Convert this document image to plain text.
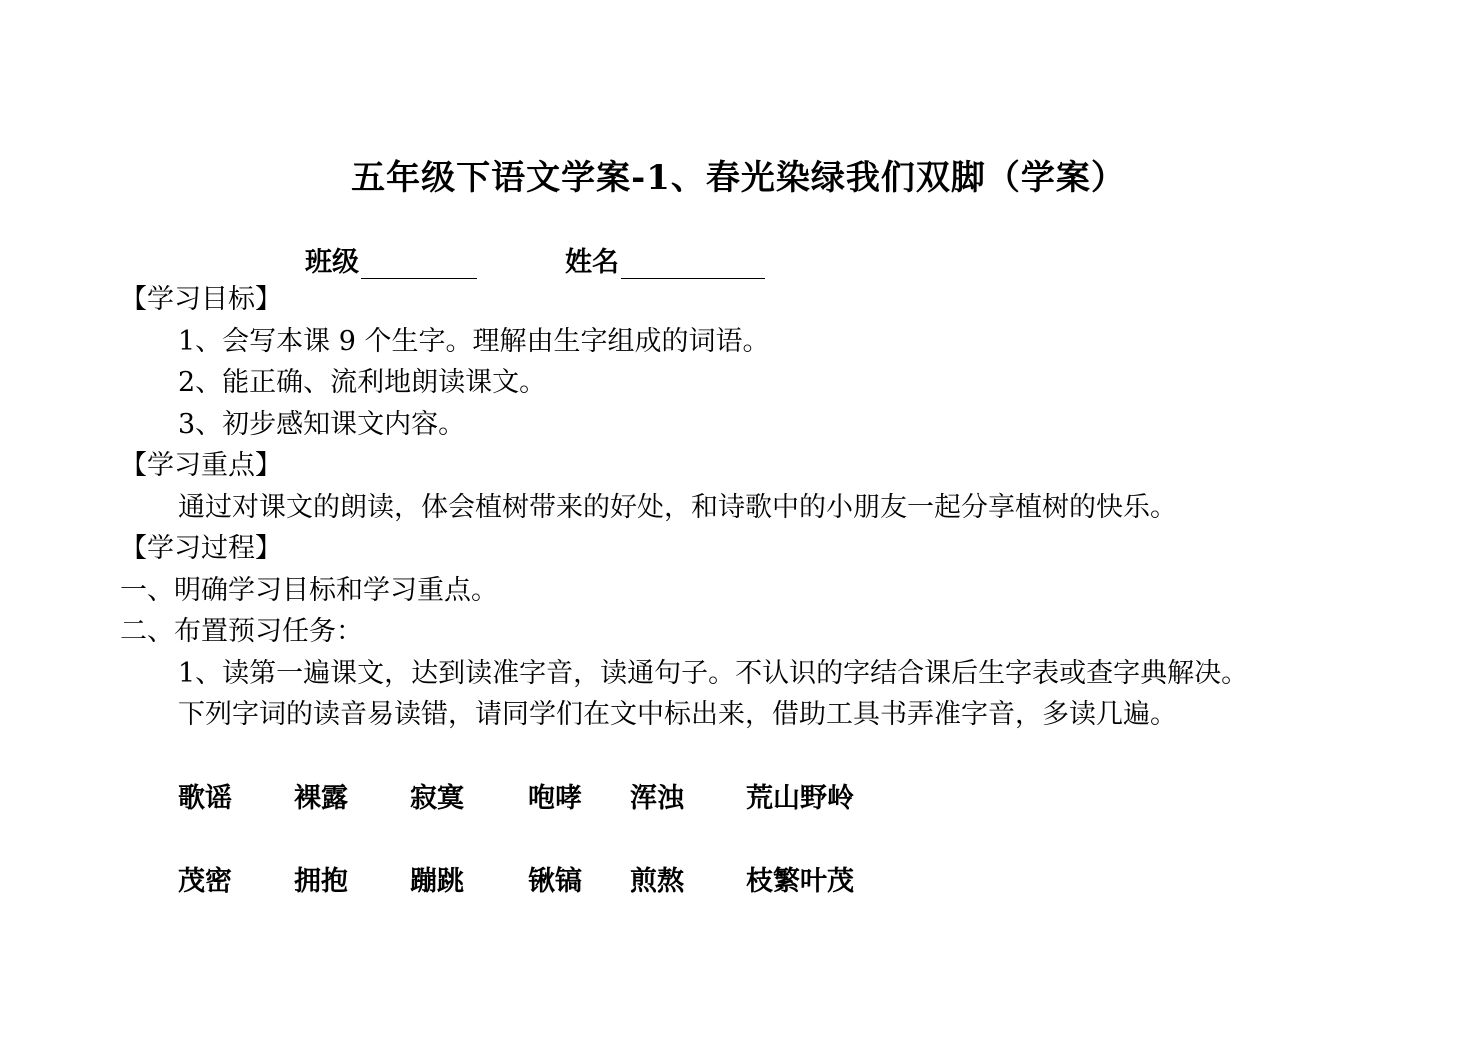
五年级下语文学案-1、春光染绿我们双脚（学案）
班级	姓名
【学习目标】
1、会写本课 9 个生字。理解由生字组成的词语。
2、能正确、流利地朗读课文。
3、初步感知课文内容。
【学习重点】
通过对课文的朗读，体会植树带来的好处，和诗歌中的小朋友一起分享植树的快乐。
【学习过程】
一、明确学习目标和学习重点。
二、布置预习任务：
1、读第一遍课文，达到读准字音，读通句子。不认识的字结合课后生字表或查字典解决。
下列字词的读音易读错，请同学们在文中标出来，借助工具书弄准字音，多读几遍。
歌谣 裸露 寂寞 咆哮 浑浊 荒山野岭
茂密 拥抱 蹦跳 锹镐 煎熬 枝繁叶茂
